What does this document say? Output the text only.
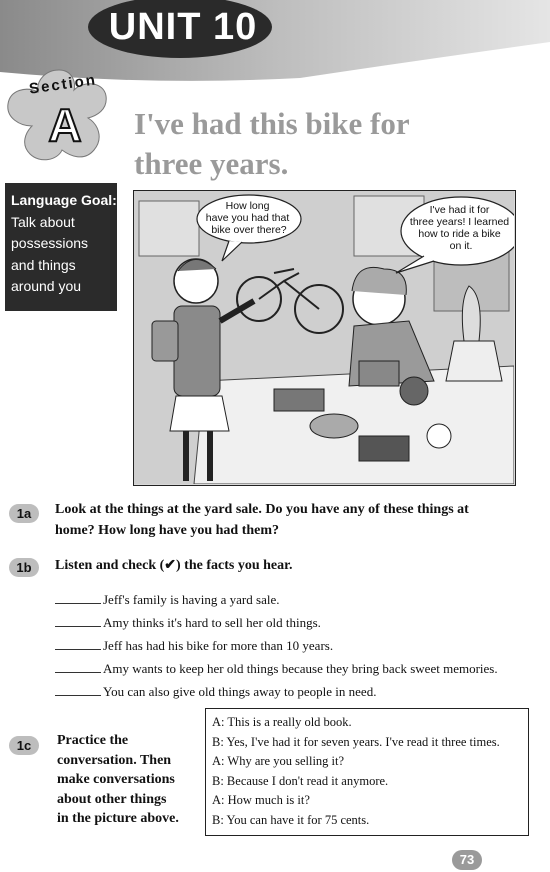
UNIT 10
Section
A I've had this bike for
three years.
Language Goal:
Talk about
possessions
and things
around you
How long have you had that bike over there?
I've had it for three years! I learned how to ride a bike on it.
1a	Look at the things at the yard sale. Do you have any of these things at
home? How long have you had them?
1b	Listen and check (✔) the facts you hear.
Jeff's family is having a yard sale.
Amy thinks it's hard to sell her old things.
Jeff has had his bike for more than 10 years.
Amy wants to keep her old things because they bring back sweet memories.
You can also give old things away to people in need.
1c	Practice the
conversation. Then
make conversations
about other things
in the picture above.
A: This is a really old book.
B: Yes, I've had it for seven years. I've read it three times.
A: Why are you selling it?
B: Because I don't read it anymore.
A: How much is it?
B: You can have it for 75 cents.
73
